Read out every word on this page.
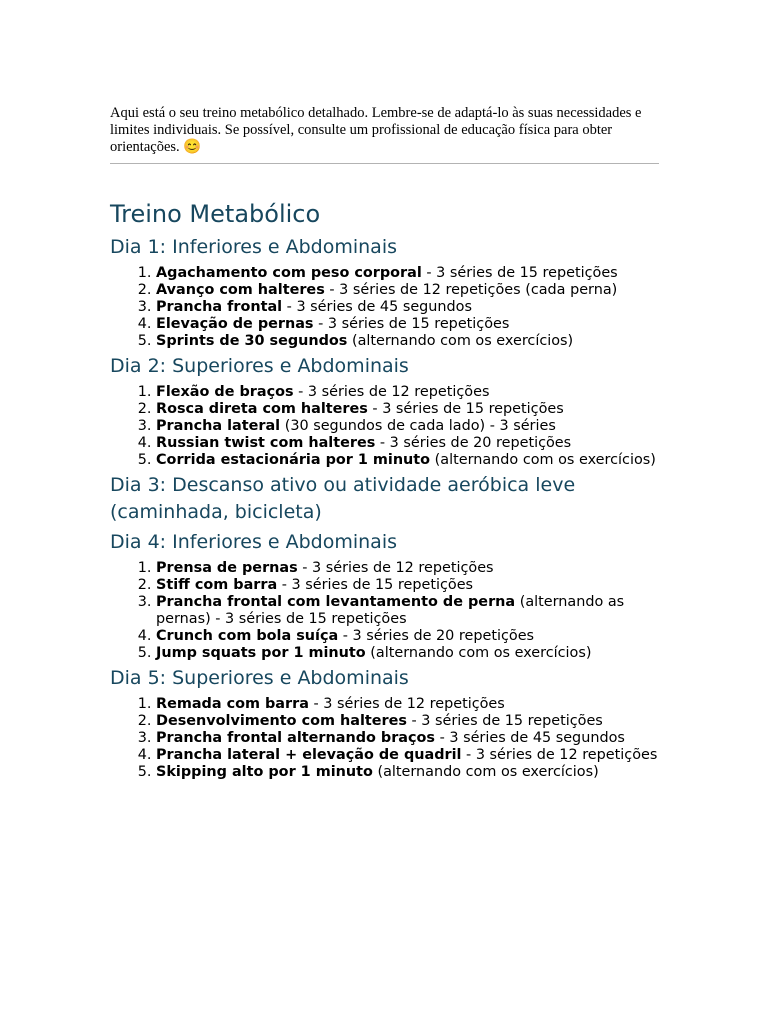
Aqui está o seu treino metabólico detalhado. Lembre-se de adaptá-lo às suas necessidades e limites individuais. Se possível, consulte um profissional de educação física para obter orientações. 😊

Treino Metabólico
Dia 1: Inferiores e Abdominais
1. Agachamento com peso corporal - 3 séries de 15 repetições
2. Avanço com halteres - 3 séries de 12 repetições (cada perna)
3. Prancha frontal - 3 séries de 45 segundos
4. Elevação de pernas - 3 séries de 15 repetições
5. Sprints de 30 segundos (alternando com os exercícios)
Dia 2: Superiores e Abdominais
1. Flexão de braços - 3 séries de 12 repetições
2. Rosca direta com halteres - 3 séries de 15 repetições
3. Prancha lateral (30 segundos de cada lado) - 3 séries
4. Russian twist com halteres - 3 séries de 20 repetições
5. Corrida estacionária por 1 minuto (alternando com os exercícios)
Dia 3: Descanso ativo ou atividade aeróbica leve (caminhada, bicicleta)
Dia 4: Inferiores e Abdominais
1. Prensa de pernas - 3 séries de 12 repetições
2. Stiff com barra - 3 séries de 15 repetições
3. Prancha frontal com levantamento de perna (alternando as pernas) - 3 séries de 15 repetições
4. Crunch com bola suíça - 3 séries de 20 repetições
5. Jump squats por 1 minuto (alternando com os exercícios)
Dia 5: Superiores e Abdominais
1. Remada com barra - 3 séries de 12 repetições
2. Desenvolvimento com halteres - 3 séries de 15 repetições
3. Prancha frontal alternando braços - 3 séries de 45 segundos
4. Prancha lateral + elevação de quadril - 3 séries de 12 repetições
5. Skipping alto por 1 minuto (alternando com os exercícios)
